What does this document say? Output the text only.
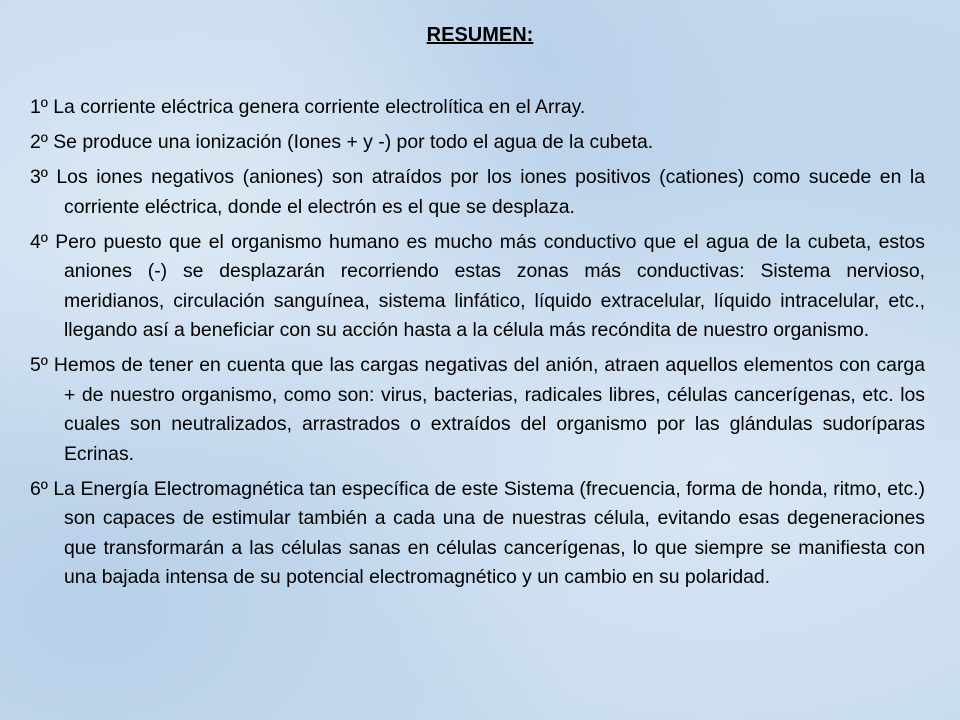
RESUMEN:

1º La corriente eléctrica genera corriente electrolítica en el Array.

2º Se produce una ionización (Iones + y -) por todo el agua de la cubeta.

3º Los iones negativos (aniones) son atraídos por los iones positivos (cationes) como sucede en la corriente eléctrica, donde el electrón es el que se desplaza.

4º Pero puesto que el organismo humano es mucho más conductivo que el agua de la cubeta, estos aniones (-) se desplazarán recorriendo estas zonas más conductivas: Sistema nervioso, meridianos, circulación sanguínea, sistema linfático, líquido extracelular, líquido intracelular, etc., llegando así a beneficiar con su acción hasta a la célula más recóndita de nuestro organismo.

5º Hemos de tener en cuenta que las cargas negativas del anión, atraen aquellos elementos con carga + de nuestro organismo, como son: virus, bacterias, radicales libres, células cancerígenas, etc. los cuales son neutralizados, arrastrados o extraídos del organismo por las glándulas sudoríparas Ecrinas.

6º La Energía Electromagnética tan específica de este Sistema (frecuencia, forma de honda, ritmo, etc.) son capaces de estimular también a cada una de nuestras célula, evitando esas degeneraciones que transformarán a las células sanas en células cancerígenas, lo que siempre se manifiesta con una bajada intensa de su potencial electromagnético y un cambio en su polaridad.
